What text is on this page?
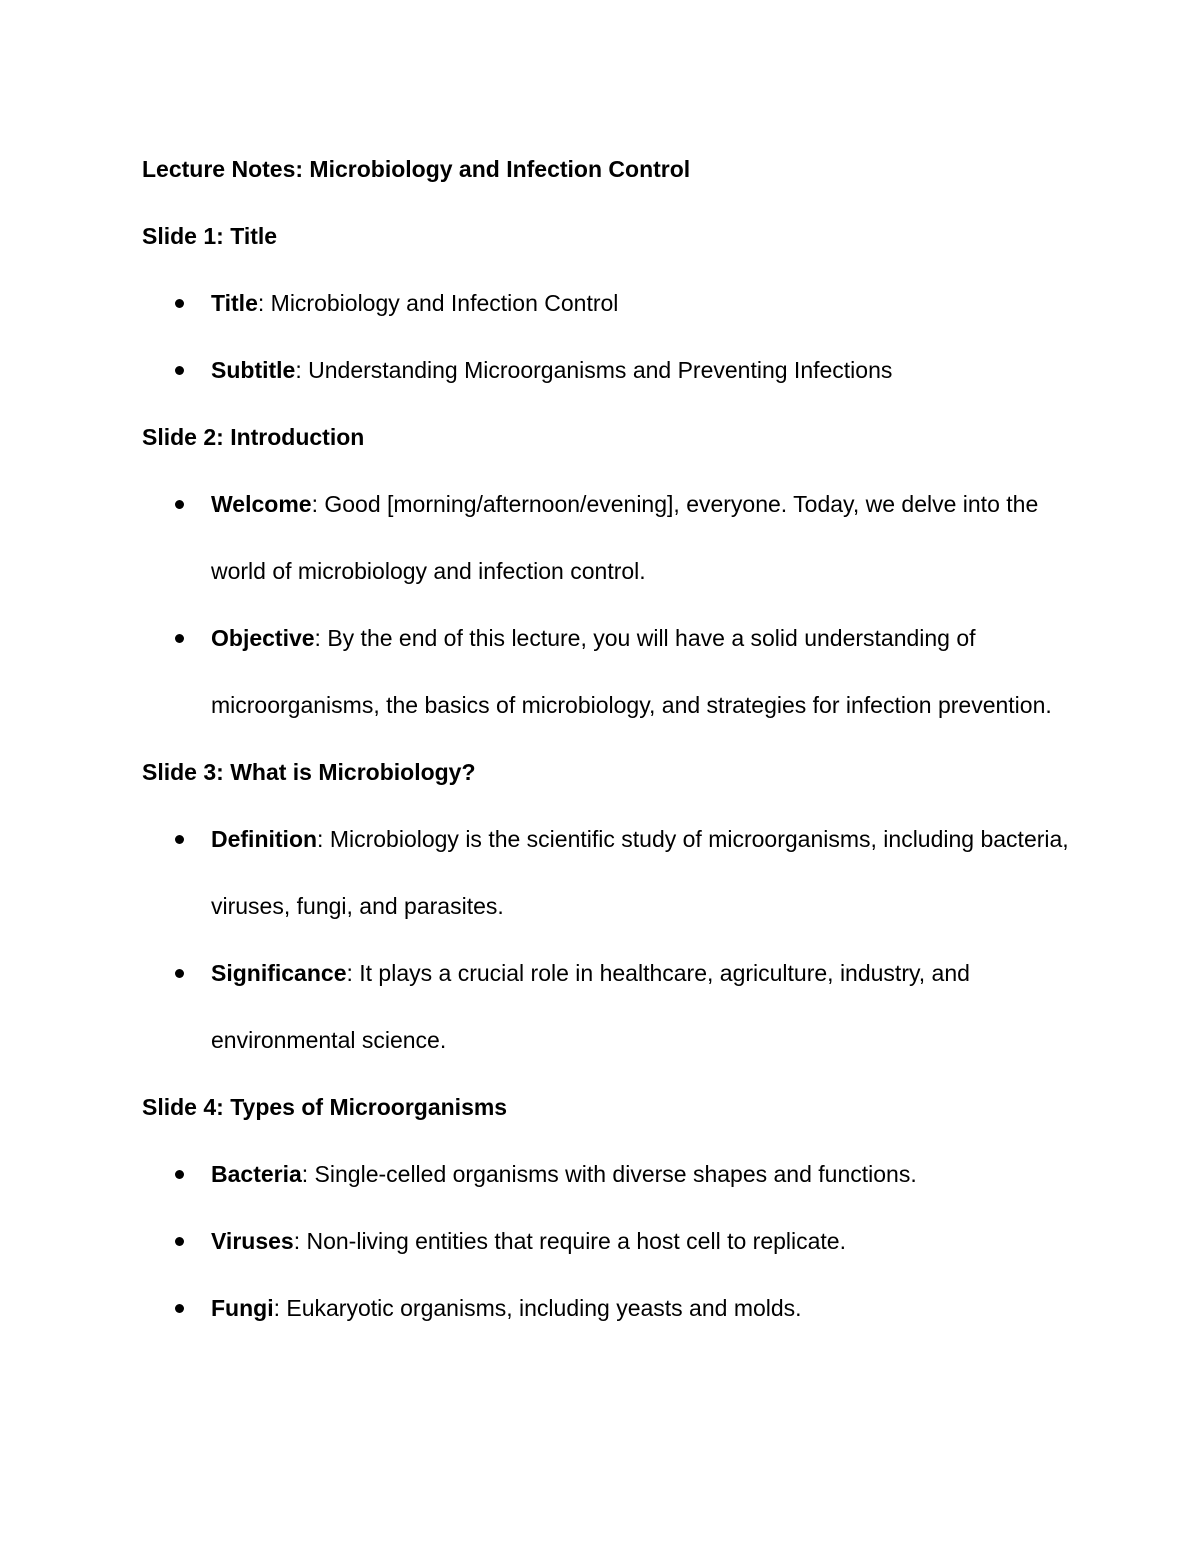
Lecture Notes: Microbiology and Infection Control
Slide 1: Title
Title: Microbiology and Infection Control
Subtitle: Understanding Microorganisms and Preventing Infections
Slide 2: Introduction
Welcome: Good [morning/afternoon/evening], everyone. Today, we delve into the world of microbiology and infection control.
Objective: By the end of this lecture, you will have a solid understanding of microorganisms, the basics of microbiology, and strategies for infection prevention.
Slide 3: What is Microbiology?
Definition: Microbiology is the scientific study of microorganisms, including bacteria, viruses, fungi, and parasites.
Significance: It plays a crucial role in healthcare, agriculture, industry, and environmental science.
Slide 4: Types of Microorganisms
Bacteria: Single-celled organisms with diverse shapes and functions.
Viruses: Non-living entities that require a host cell to replicate.
Fungi: Eukaryotic organisms, including yeasts and molds.
